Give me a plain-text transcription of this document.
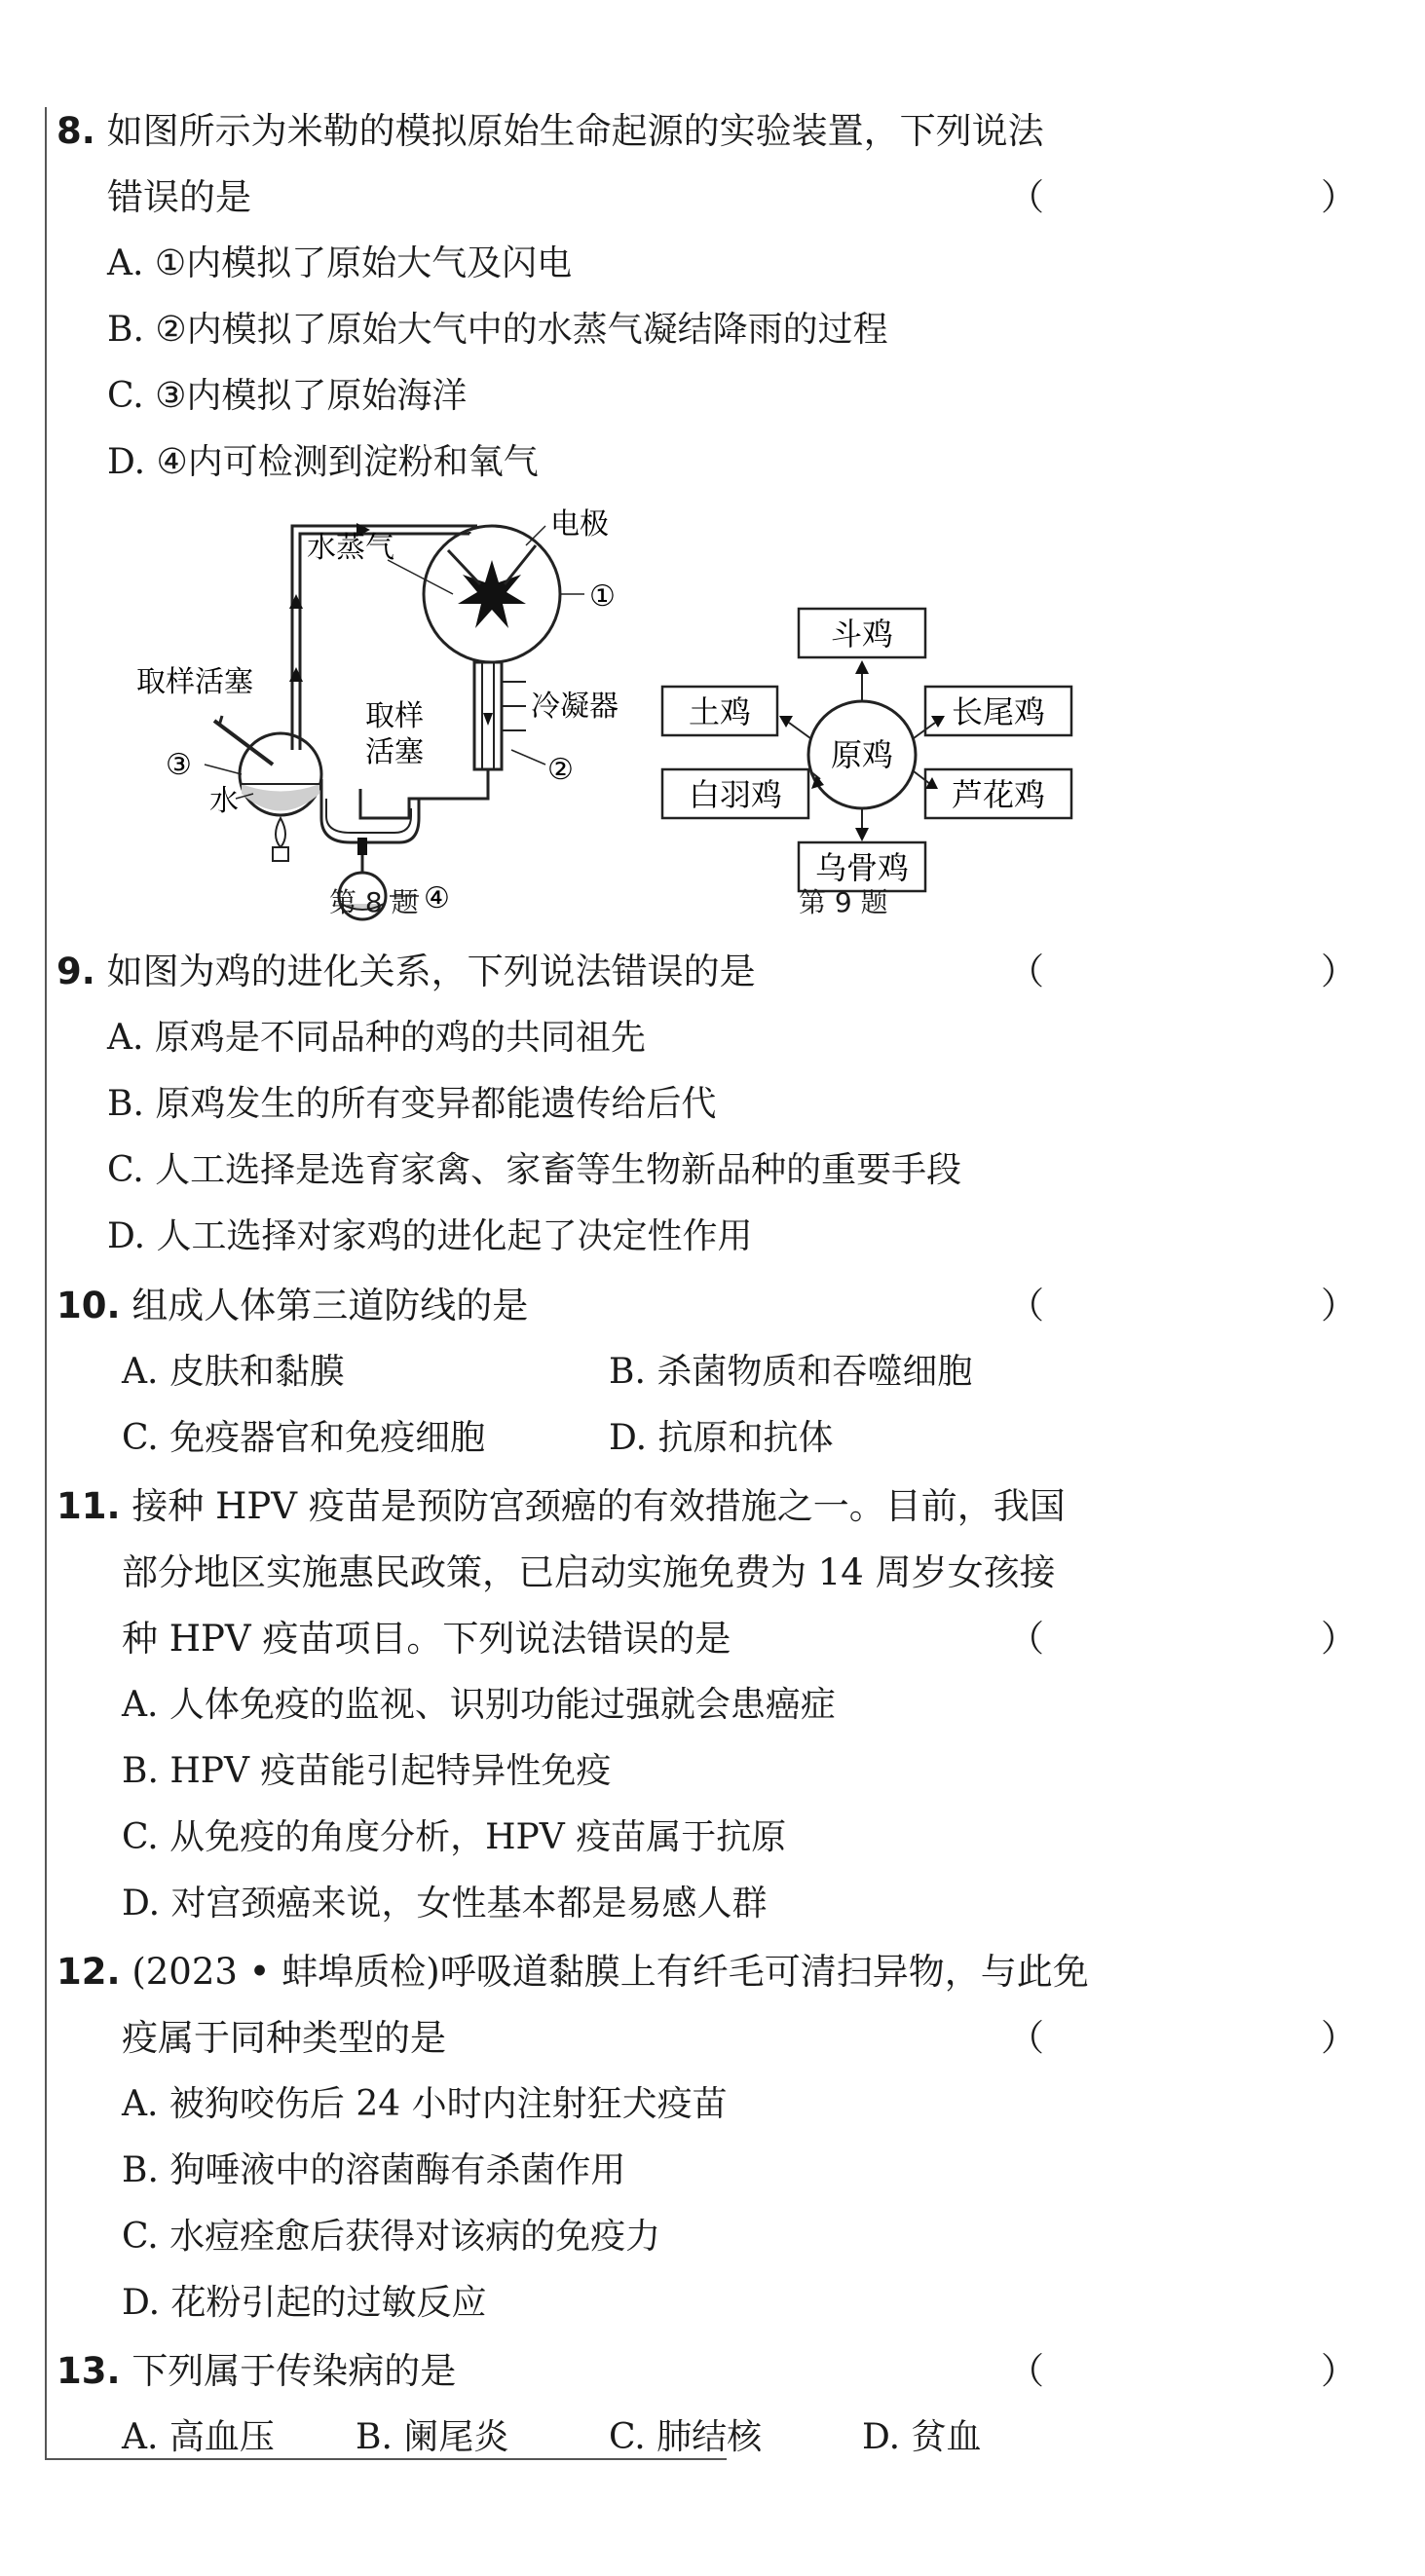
8. 如图所示为米勒的模拟原始生命起源的实验装置，下列说法
错误的是	（　　）
A. ①内模拟了原始大气及闪电
B. ②内模拟了原始大气中的水蒸气凝结降雨的过程
C. ③内模拟了原始海洋
D. ④内可检测到淀粉和氧气
水蒸气
电极
①
取样活塞
冷凝器
取样
活塞
②
③
水
④
第 8 题
原鸡
斗鸡
土鸡	长尾鸡
白羽鸡	芦花鸡
乌骨鸡
第 9 题
9. 如图为鸡的进化关系，下列说法错误的是	（　　）
A. 原鸡是不同品种的鸡的共同祖先
B. 原鸡发生的所有变异都能遗传给后代
C. 人工选择是选育家禽、家畜等生物新品种的重要手段
D. 人工选择对家鸡的进化起了决定性作用
10. 组成人体第三道防线的是	（　　）
A. 皮肤和黏膜	B. 杀菌物质和吞噬细胞
C. 免疫器官和免疫细胞	D. 抗原和抗体
11. 接种 HPV 疫苗是预防宫颈癌的有效措施之一。目前，我国
部分地区实施惠民政策，已启动实施免费为 14 周岁女孩接
种 HPV 疫苗项目。下列说法错误的是	（　　）
A. 人体免疫的监视、识别功能过强就会患癌症
B. HPV 疫苗能引起特异性免疫
C. 从免疫的角度分析，HPV 疫苗属于抗原
D. 对宫颈癌来说，女性基本都是易感人群
12. (2023 • 蚌埠质检)呼吸道黏膜上有纤毛可清扫异物，与此免
疫属于同种类型的是	（　　）
A. 被狗咬伤后 24 小时内注射狂犬疫苗
B. 狗唾液中的溶菌酶有杀菌作用
C. 水痘痊愈后获得对该病的免疫力
D. 花粉引起的过敏反应
13. 下列属于传染病的是	（　　）
A. 高血压 B. 阑尾炎	C. 肺结核	D. 贫血
